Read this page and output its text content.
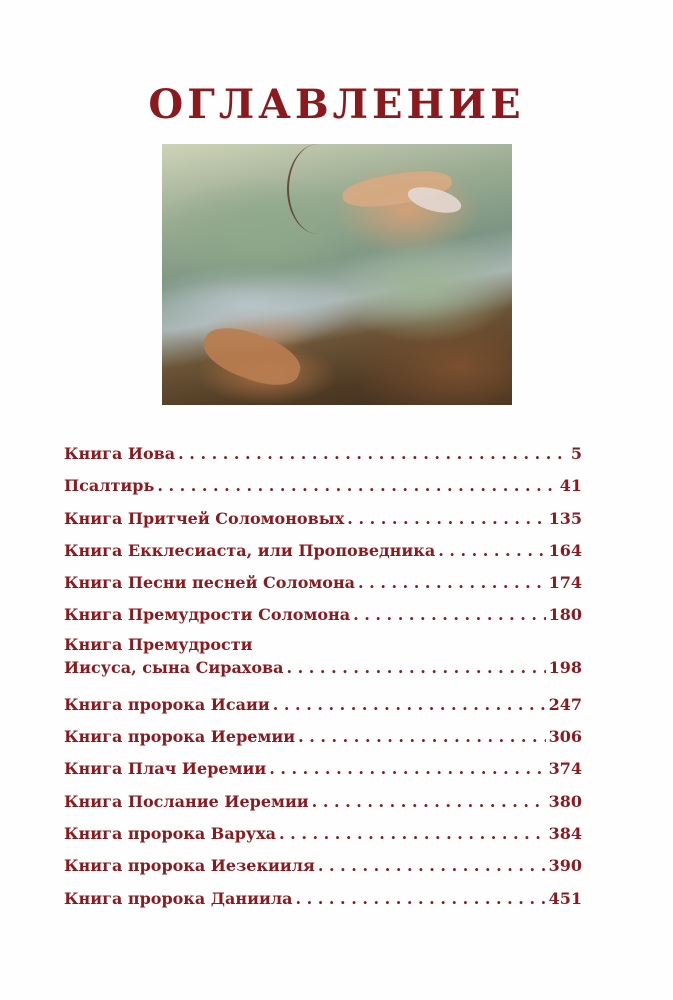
ОГЛАВЛЕНИЕ
Книга Иова . . .	5
Псалтирь . . .	41
Книга Притчей Соломоновых . . .	135
Книга Екклесиаста, или Проповедника . . .	164
Книга Песни песней Соломона . . .	174
Книга Премудрости Соломона . . .	180
Книга Премудрости
Иисуса, сына Сирахова . . .	198
Книга пророка Исаии . . .	247
Книга пророка Иеремии . . .	306
Книга Плач Иеремии . . .	374
Книга Послание Иеремии . . .	380
Книга пророка Варуха . . .	384
Книга пророка Иезекииля . . .	390
Книга пророка Даниила . . .	451
